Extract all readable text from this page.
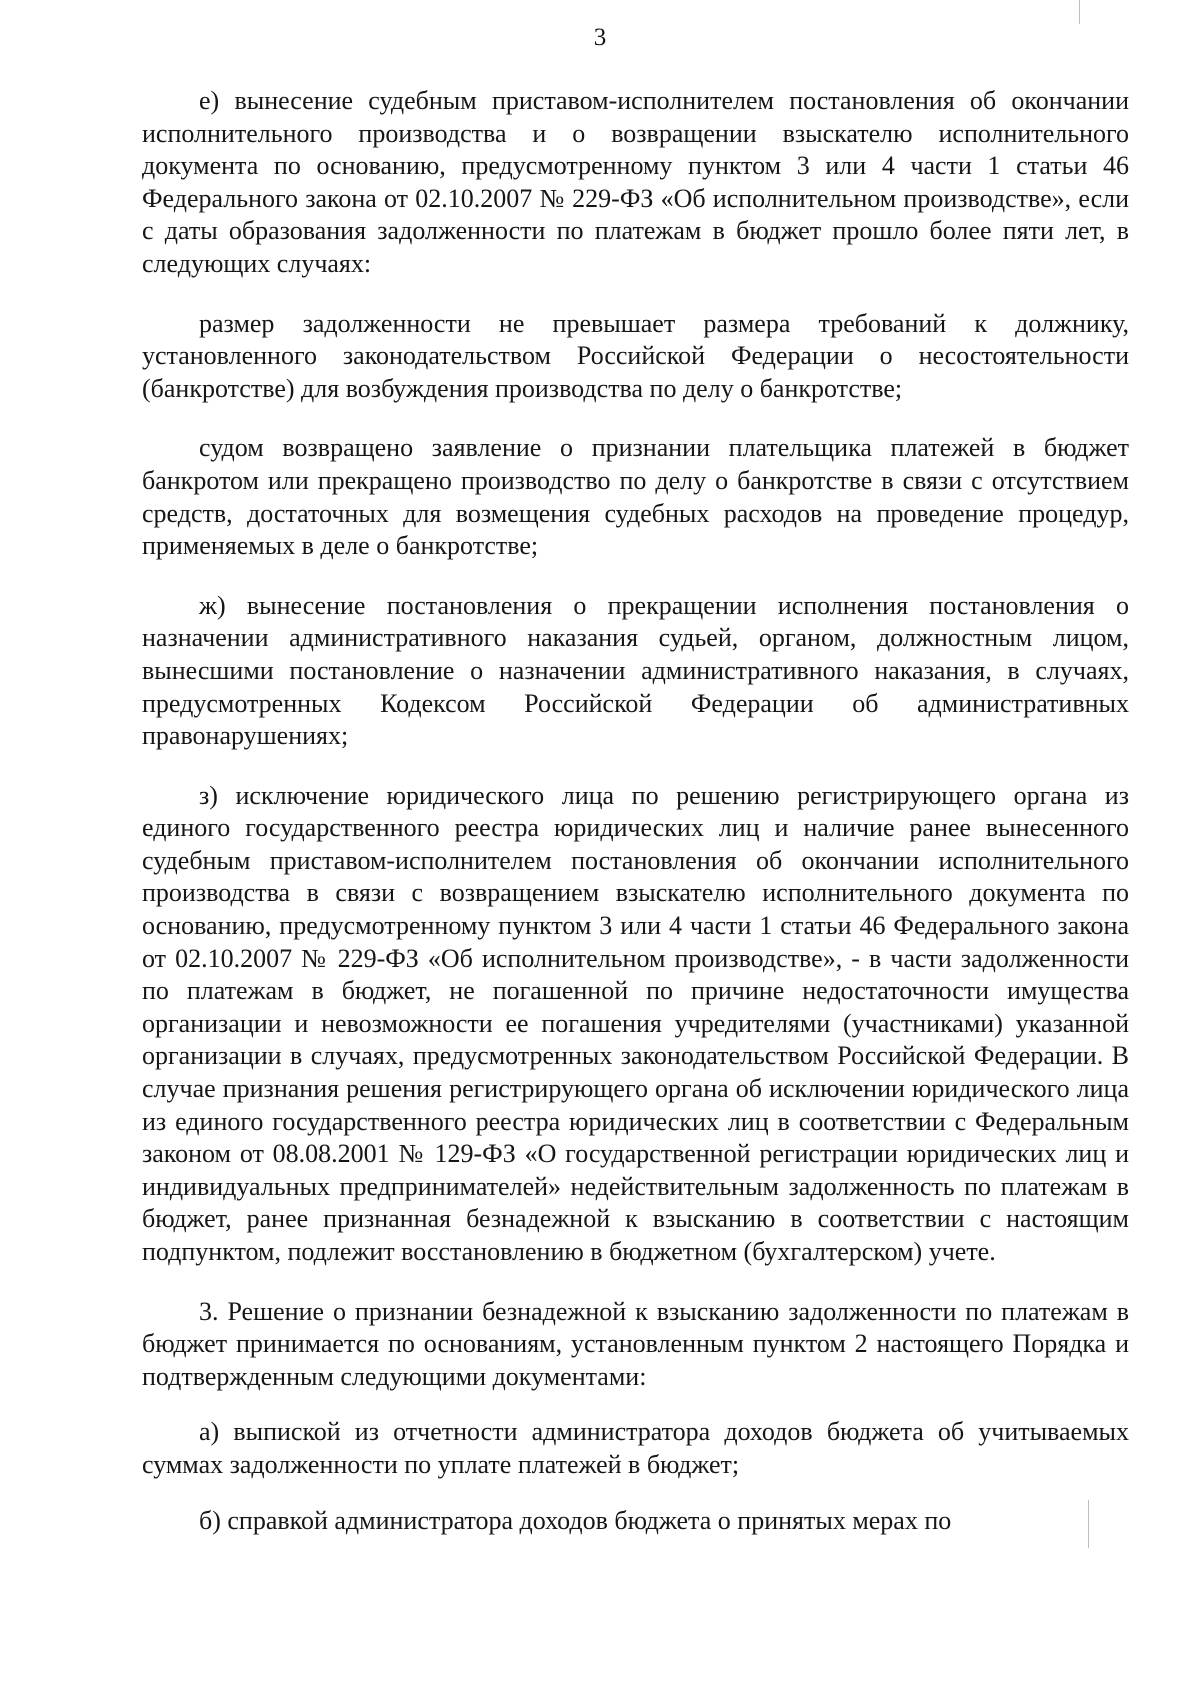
3

е) вынесение судебным приставом-исполнителем постановления об окончании исполнительного производства и о возвращении взыскателю исполнительного документа по основанию, предусмотренному пунктом 3 или 4 части 1 статьи 46 Федерального закона от 02.10.2007 № 229-ФЗ «Об исполнительном производстве», если с даты образования задолженности по платежам в бюджет прошло более пяти лет, в следующих случаях:

размер задолженности не превышает размера требований к должнику, установленного законодательством Российской Федерации о несостоятельности (банкротстве) для возбуждения производства по делу о банкротстве;

судом возвращено заявление о признании плательщика платежей в бюджет банкротом или прекращено производство по делу о банкротстве в связи с отсутствием средств, достаточных для возмещения судебных расходов на проведение процедур, применяемых в деле о банкротстве;

ж) вынесение постановления о прекращении исполнения постановления о назначении административного наказания судьей, органом, должностным лицом, вынесшими постановление о назначении административного наказания, в случаях, предусмотренных Кодексом Российской Федерации об административных правонарушениях;

з) исключение юридического лица по решению регистрирующего органа из единого государственного реестра юридических лиц и наличие ранее вынесенного судебным приставом-исполнителем постановления об окончании исполнительного производства в связи с возвращением взыскателю исполнительного документа по основанию, предусмотренному пунктом 3 или 4 части 1 статьи 46 Федерального закона от 02.10.2007 № 229-ФЗ «Об исполнительном производстве», - в части задолженности по платежам в бюджет, не погашенной по причине недостаточности имущества организации и невозможности ее погашения учредителями (участниками) указанной организации в случаях, предусмотренных законодательством Российской Федерации. В случае признания решения регистрирующего органа об исключении юридического лица из единого государственного реестра юридических лиц в соответствии с Федеральным законом от 08.08.2001 № 129-ФЗ «О государственной регистрации юридических лиц и индивидуальных предпринимателей» недействительным задолженность по платежам в бюджет, ранее признанная безнадежной к взысканию в соответствии с настоящим подпунктом, подлежит восстановлению в бюджетном (бухгалтерском) учете.

3. Решение о признании безнадежной к взысканию задолженности по платежам в бюджет принимается по основаниям, установленным пунктом 2 настоящего Порядка и подтвержденным следующими документами:

а) выпиской из отчетности администратора доходов бюджета об учитываемых суммах задолженности по уплате платежей в бюджет;

б) справкой администратора доходов бюджета о принятых мерах по
